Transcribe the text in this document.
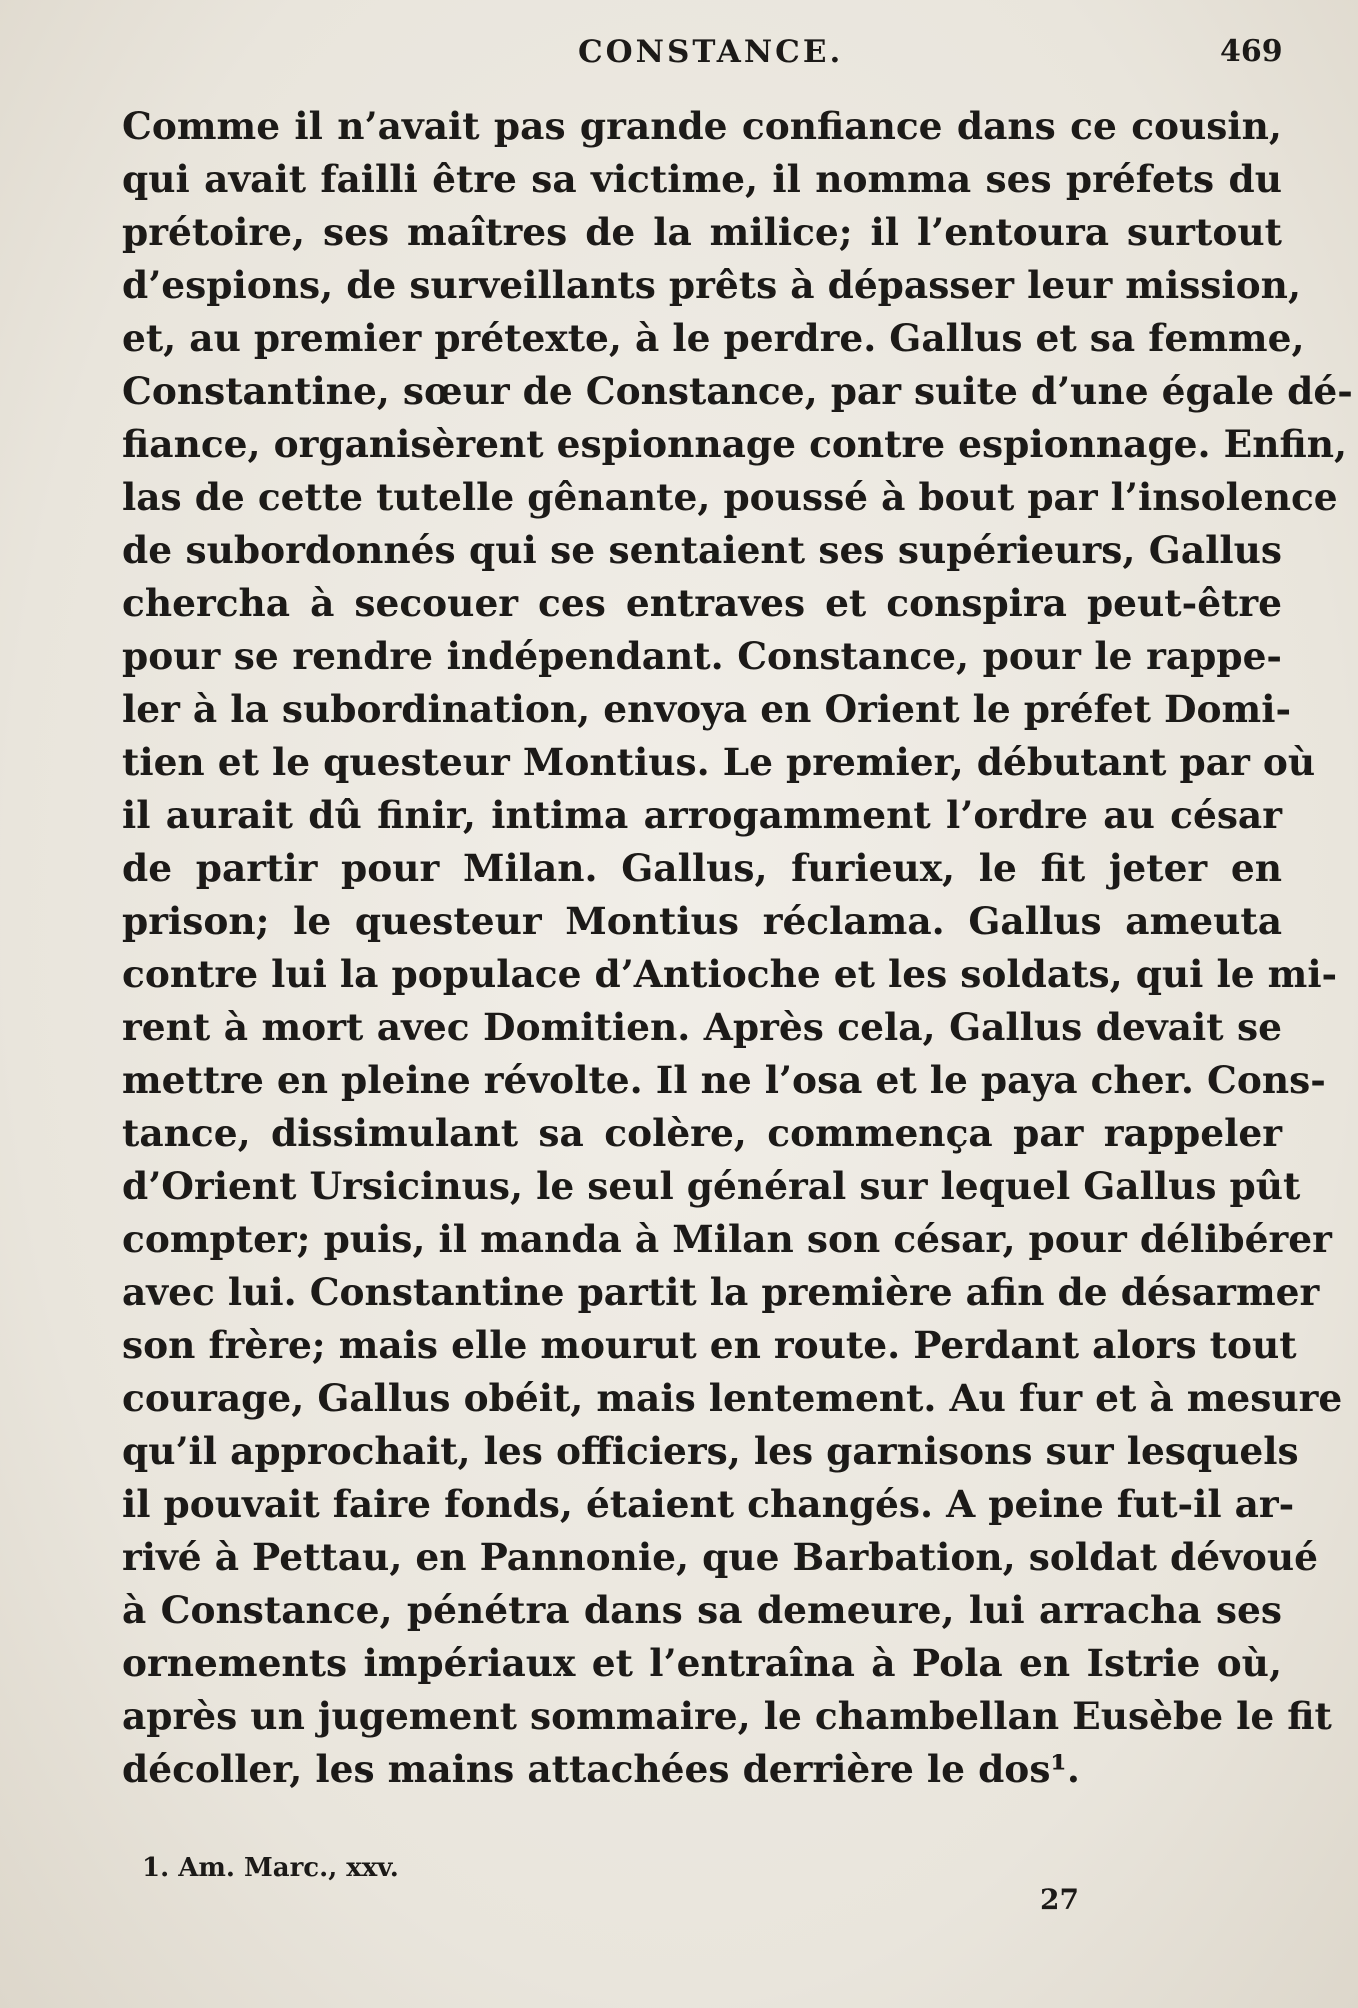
CONSTANCE.	469
Comme il n’avait pas grande confiance dans ce cousin,
qui avait failli être sa victime, il nomma ses préfets du
prétoire, ses maîtres de la milice; il l’entoura surtout
d’espions, de surveillants prêts à dépasser leur mission,
et, au premier prétexte, à le perdre. Gallus et sa femme,
Constantine, sœur de Constance, par suite d’une égale dé-
fiance, organisèrent espionnage contre espionnage. Enfin,
las de cette tutelle gênante, poussé à bout par l’insolence
de subordonnés qui se sentaient ses supérieurs, Gallus
chercha à secouer ces entraves et conspira peut-être
pour se rendre indépendant. Constance, pour le rappe-
ler à la subordination, envoya en Orient le préfet Domi-
tien et le questeur Montius. Le premier, débutant par où
il aurait dû finir, intima arrogamment l’ordre au césar
de partir pour Milan. Gallus, furieux, le fit jeter en
prison; le questeur Montius réclama. Gallus ameuta
contre lui la populace d’Antioche et les soldats, qui le mi-
rent à mort avec Domitien. Après cela, Gallus devait se
mettre en pleine révolte. Il ne l’osa et le paya cher. Cons-
tance, dissimulant sa colère, commença par rappeler
d’Orient Ursicinus, le seul général sur lequel Gallus pût
compter; puis, il manda à Milan son césar, pour délibérer
avec lui. Constantine partit la première afin de désarmer
son frère; mais elle mourut en route. Perdant alors tout
courage, Gallus obéit, mais lentement. Au fur et à mesure
qu’il approchait, les officiers, les garnisons sur lesquels
il pouvait faire fonds, étaient changés. A peine fut-il ar-
rivé à Pettau, en Pannonie, que Barbation, soldat dévoué
à Constance, pénétra dans sa demeure, lui arracha ses
ornements impériaux et l’entraîna à Pola en Istrie où,
après un jugement sommaire, le chambellan Eusèbe le fit
décoller, les mains attachées derrière le dos¹.
1. Am. Marc., xxv.
27
